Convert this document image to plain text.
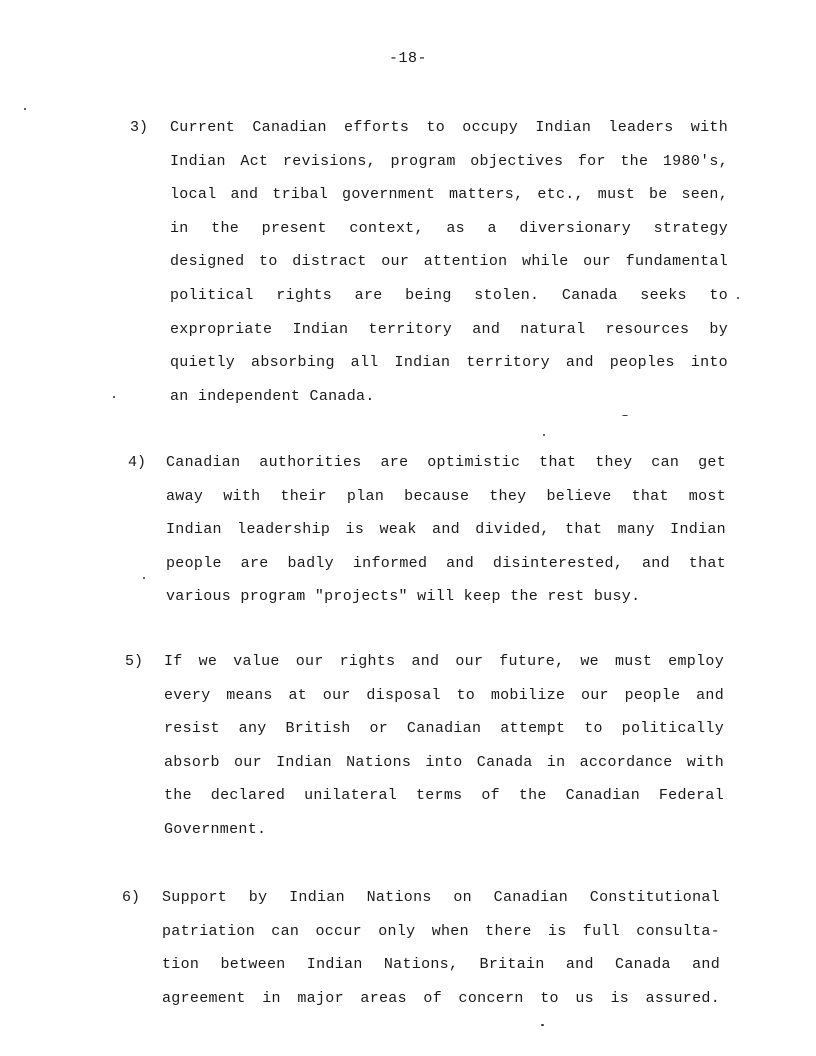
-18-
3) Current Canadian efforts to occupy Indian leaders with
Indian Act revisions, program objectives for the 1980's,
local and tribal government matters, etc., must be seen,
in the present context, as a diversionary strategy
designed to distract our attention while our fundamental
political rights are being stolen. Canada seeks to
expropriate Indian territory and natural resources by
quietly absorbing all Indian territory and peoples into
an independent Canada.
4) Canadian authorities are optimistic that they can get
away with their plan because they believe that most
Indian leadership is weak and divided, that many Indian
people are badly informed and disinterested, and that
various program "projects" will keep the rest busy.
5) If we value our rights and our future, we must employ
every means at our disposal to mobilize our people and
resist any British or Canadian attempt to politically
absorb our Indian Nations into Canada in accordance with
the declared unilateral terms of the Canadian Federal
Government.
6) Support by Indian Nations on Canadian Constitutional
patriation can occur only when there is full consulta-
tion between Indian Nations, Britain and Canada and
agreement in major areas of concern to us is assured.
